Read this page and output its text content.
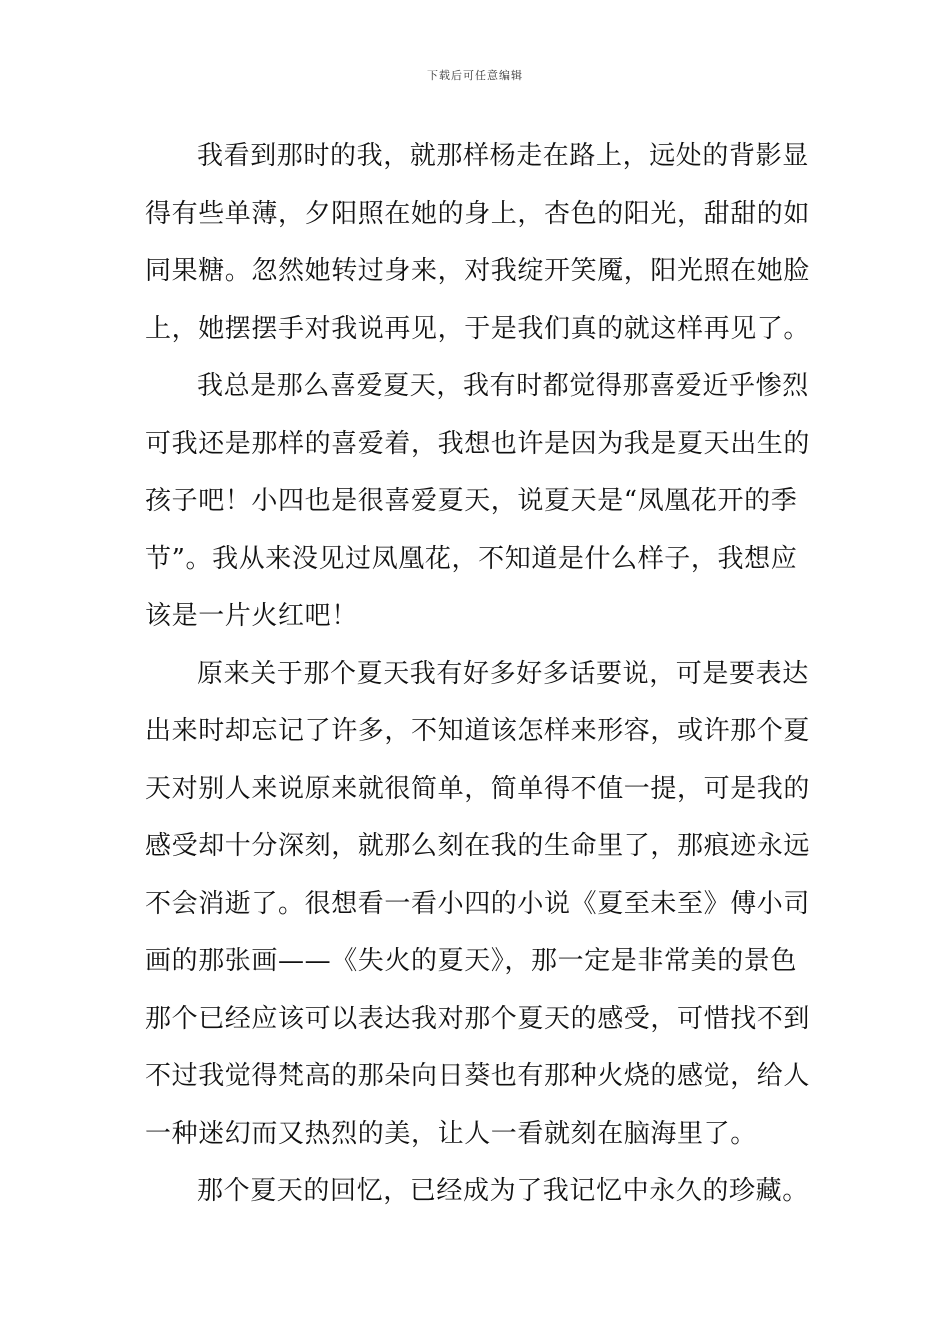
下载后可任意编辑
我看到那时的我，就那样杨走在路上，远处的背影显
得有些单薄，夕阳照在她的身上，杏色的阳光，甜甜的如
同果糖。忽然她转过身来，对我绽开笑魇，阳光照在她脸
上，她摆摆手对我说再见，于是我们真的就这样再见了。
我总是那么喜爱夏天，我有时都觉得那喜爱近乎惨烈
可我还是那样的喜爱着，我想也许是因为我是夏天出生的
孩子吧！小四也是很喜爱夏天，说夏天是“凤凰花开的季
节”。我从来没见过凤凰花，不知道是什么样子，我想应
该是一片火红吧！
原来关于那个夏天我有好多好多话要说，可是要表达
出来时却忘记了许多，不知道该怎样来形容，或许那个夏
天对别人来说原来就很简单，简单得不值一提，可是我的
感受却十分深刻，就那么刻在我的生命里了，那痕迹永远
不会消逝了。很想看一看小四的小说《夏至未至》傅小司
画的那张画——《失火的夏天》，那一定是非常美的景色
那个已经应该可以表达我对那个夏天的感受，可惜找不到
不过我觉得梵高的那朵向日葵也有那种火烧的感觉，给人
一种迷幻而又热烈的美，让人一看就刻在脑海里了。
那个夏天的回忆，已经成为了我记忆中永久的珍藏。
